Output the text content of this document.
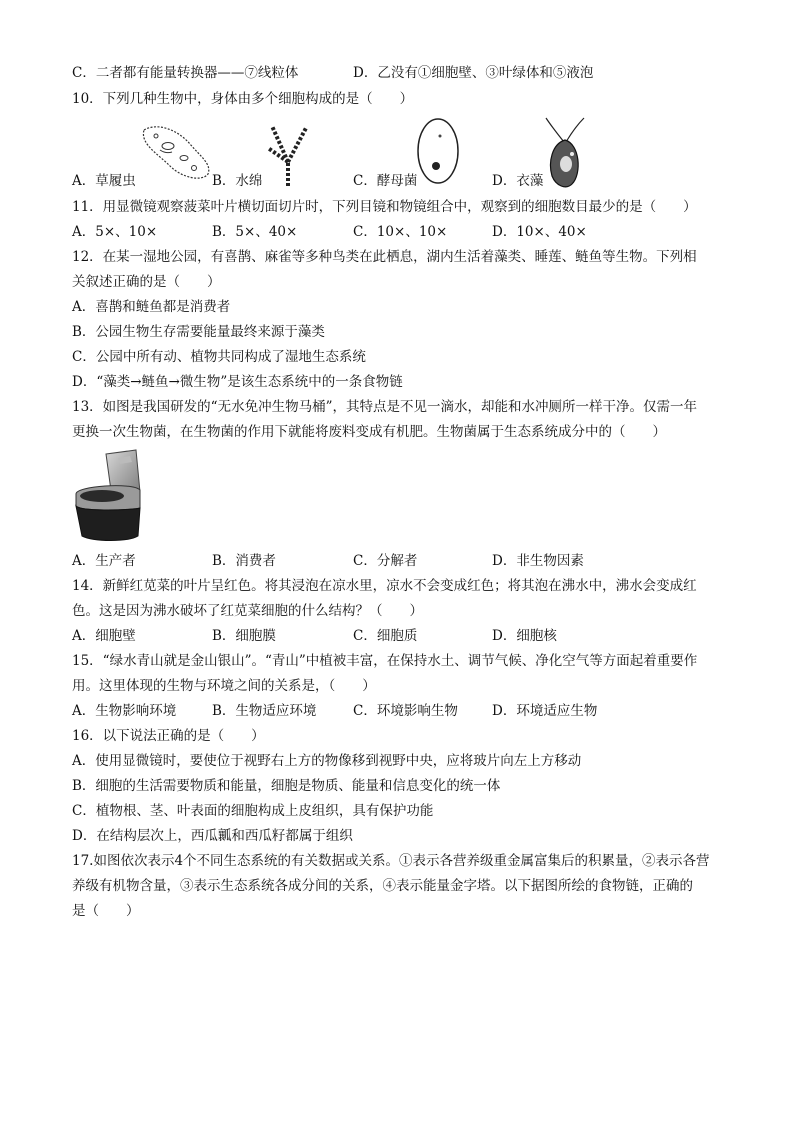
C．二者都有能量转换器——⑦线粒体	D．乙没有①细胞壁、③叶绿体和⑤液泡
10．下列几种生物中，身体由多个细胞构成的是（　　）
A．草履虫	B．水绵	C．酵母菌	D．衣藻
11．用显微镜观察菠菜叶片横切面切片时，下列目镜和物镜组合中，观察到的细胞数目最少的是（　　）
A．5×、10×	B．5×、40×	C．10×、10×	D．10×、40×
12．在某一湿地公园，有喜鹊、麻雀等多种鸟类在此栖息，湖内生活着藻类、睡莲、鲢鱼等生物。下列相
关叙述正确的是（　　）
A．喜鹊和鲢鱼都是消费者
B．公园生物生存需要能量最终来源于藻类
C．公园中所有动、植物共同构成了湿地生态系统
D．“藻类→鲢鱼→微生物”是该生态系统中的一条食物链
13．如图是我国研发的“无水免冲生物马桶”，其特点是不见一滴水，却能和水冲厕所一样干净。仅需一年
更换一次生物菌，在生物菌的作用下就能将废料变成有机肥。生物菌属于生态系统成分中的（　　）
A．生产者	B．消费者	C．分解者	D．非生物因素
14．新鲜红苋菜的叶片呈红色。将其浸泡在凉水里，凉水不会变成红色；将其泡在沸水中，沸水会变成红
色。这是因为沸水破坏了红苋菜细胞的什么结构？（　　）
A．细胞壁	B．细胞膜	C．细胞质	D．细胞核
15．“绿水青山就是金山银山”。“青山”中植被丰富，在保持水土、调节气候、净化空气等方面起着重要作
用。这里体现的生物与环境之间的关系是，（　　）
A．生物影响环境	B．生物适应环境	C．环境影响生物	D．环境适应生物
16．以下说法正确的是（　　）
A．使用显微镜时，要使位于视野右上方的物像移到视野中央，应将玻片向左上方移动
B．细胞的生活需要物质和能量，细胞是物质、能量和信息变化的统一体
C．植物根、茎、叶表面的细胞构成上皮组织，具有保护功能
D．在结构层次上，西瓜瓤和西瓜籽都属于组织
17.如图依次表示4个不同生态系统的有关数据或关系。①表示各营养级重金属富集后的积累量，②表示各营
养级有机物含量，③表示生态系统各成分间的关系，④表示能量金字塔。以下据图所绘的食物链，正确的
是（　　）
